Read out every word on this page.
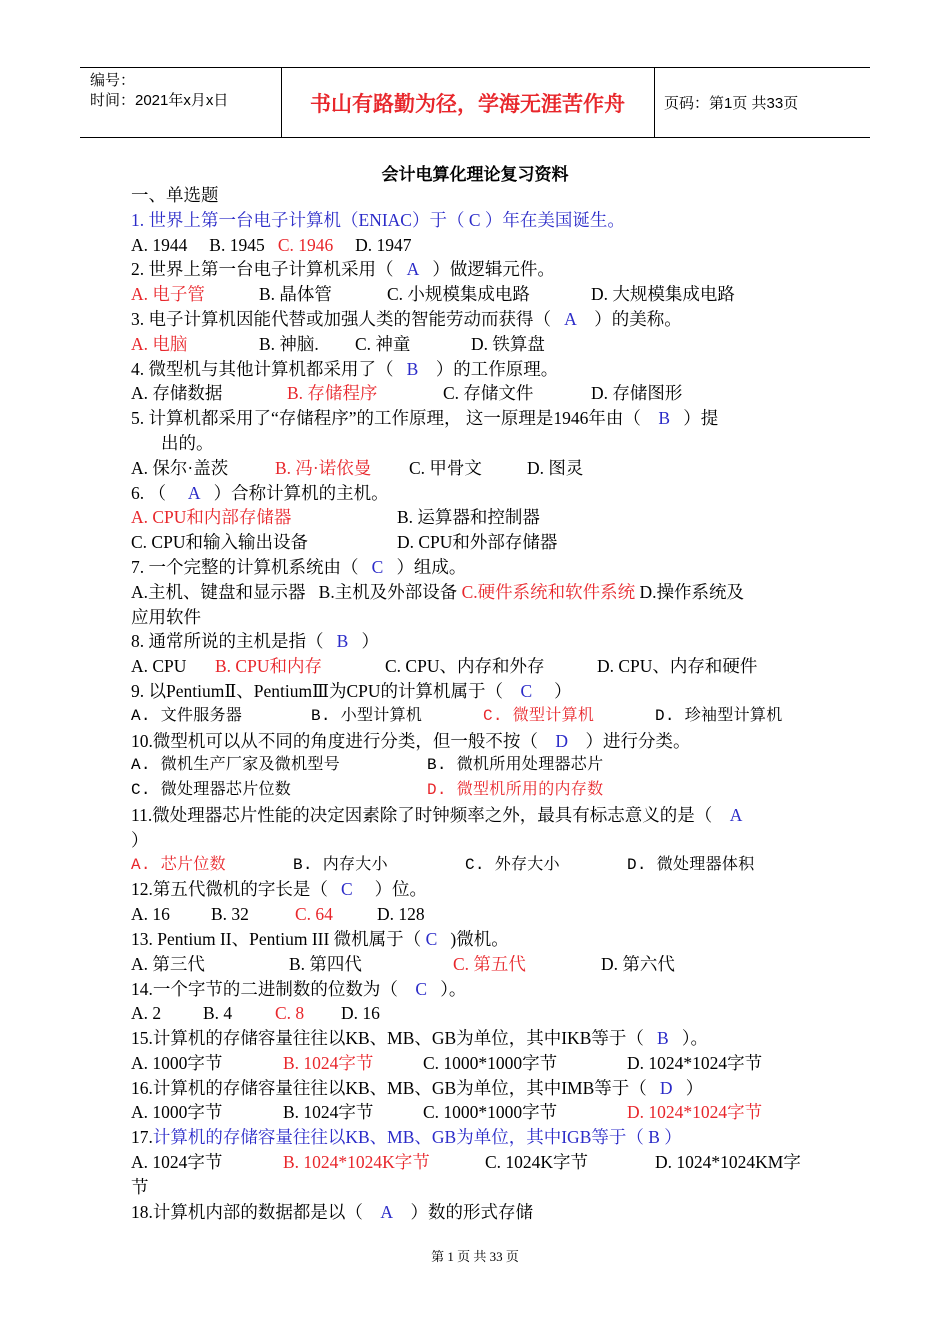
编号：
时间：2021年x月x日	书山有路勤为径，学海无涯苦作舟	页码：第1页 共33页
会计电算化理论复习资料
一、单选题
1. 世界上第一台电子计算机（ENIAC）于（ C ）年在美国诞生。
A. 1944 B. 1945 C. 1946 D. 1947
2. 世界上第一台电子计算机采用（ A ）做逻辑元件。
A. 电子管	B. 晶体管	C. 小规模集成电路	D. 大规模集成电路
3. 电子计算机因能代替或加强人类的智能劳动而获得（ A ）的美称。
A. 电脑	B. 神脑. C. 神童	D. 铁算盘
4. 微型机与其他计算机都采用了（ B ）的工作原理。
A. 存储数据	B. 存储程序	C. 存储文件	D. 存储图形
5. 计算机都采用了“存储程序”的工作原理， 这一原理是1946年由（ B ）提
出的。
A. 保尔·盖茨	B. 冯·诺依曼 C. 甲骨文	D. 图灵
6. （ A ）合称计算机的主机。
A. CPU和内部存储器	B. 运算器和控制器
C. CPU和输入输出设备	D. CPU和外部存储器
7. 一个完整的计算机系统由（ C ）组成。
A.主机、键盘和显示器 B.主机及外部设备 C.硬件系统和软件系统 D.操作系统及
应用软件
8. 通常所说的主机是指（ B ）
A. CPU B. CPU和内存	C. CPU、内存和外存	D. CPU、内存和硬件
9. 以PentiumⅡ、PentiumⅢ为CPU的计算机属于（ C ）
A. 文件服务器	B. 小型计算机	C. 微型计算机	D. 珍袖型计算机
10.微型机可以从不同的角度进行分类，但一般不按（ D ）进行分类。
A. 微机生产厂家及微机型号	B. 微机所用处理器芯片
C. 微处理器芯片位数	D. 微型机所用的内存数
11.微处理器芯片性能的决定因素除了时钟频率之外，最具有标志意义的是（ A
）
A. 芯片位数	B. 内存大小	C. 外存大小	D. 微处理器体积
12.第五代微机的字长是（ C ）位。
A. 16 B. 32	C. 64	D. 128
13. Pentium II、Pentium III 微机属于（ C )微机。
A. 第三代	B. 第四代	C. 第五代	D. 第六代
14.一个字节的二进制数的位数为（ C ）。
A. 2 B. 4 C. 8 D. 16
15.计算机的存储容量往往以KB、MB、GB为单位，其中IKB等于（ B ）。
A. 1000字节	B. 1024字节	C. 1000*1000字节	D. 1024*1024字节
16.计算机的存储容量往往以KB、MB、GB为单位，其中IMB等于（ D ）
A. 1000字节	B. 1024字节	C. 1000*1000字节	D. 1024*1024字节
17.计算机的存储容量往往以KB、MB、GB为单位，其中IGB等于（ B ）
A. 1024字节	B. 1024*1024K字节	C. 1024K字节	D. 1024*1024KM字
节
18.计算机内部的数据都是以（ A ）数的形式存储
第 1 页 共 33 页
